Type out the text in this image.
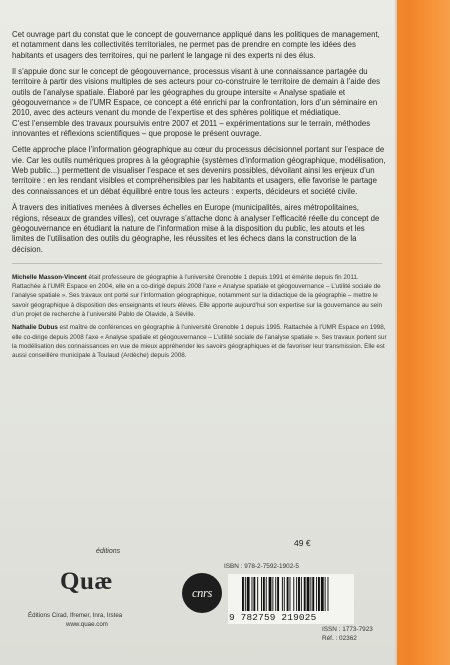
Cet ouvrage part du constat que le concept de gouvernance appliqué dans les politiques de management, et notamment dans les collectivités territoriales, ne permet pas de prendre en compte les idées des habitants et usagers des territoires, qui ne parlent le langage ni des experts ni des élus.

Il s’appuie donc sur le concept de géogouvernance, processus visant à une connaissance partagée du territoire à partir des visions multiples de ses acteurs pour co-construire le territoire de demain à l’aide des outils de l’analyse spatiale. Élaboré par les géographes du groupe intersite « Analyse spatiale et géogouvernance » de l’UMR Espace, ce concept a été enrichi par la confrontation, lors d’un séminaire en 2010, avec des acteurs venant du monde de l’expertise et des sphères politique et médiatique.

C’est l’ensemble des travaux poursuivis entre 2007 et 2011 – expérimentations sur le terrain, méthodes innovantes et réflexions scientifiques – que propose le présent ouvrage.

Cette approche place l’information géographique au cœur du processus décisionnel portant sur l’espace de vie. Car les outils numériques propres à la géographie (systèmes d’information géographique, modélisation, Web public...) permettent de visualiser l’espace et ses devenirs possibles, dévoilant ainsi les enjeux d’un territoire : en les rendant visibles et compréhensibles par les habitants et usagers, elle favorise le partage des connaissances et un débat équilibré entre tous les acteurs : experts, décideurs et société civile.

À travers des initiatives menées à diverses échelles en Europe (municipalités, aires métropolitaines, régions, réseaux de grandes villes), cet ouvrage s’attache donc à analyser l’efficacité réelle du concept de géogouvernance en étudiant la nature de l’information mise à la disposition du public, les atouts et les limites de l’utilisation des outils du géographe, les réussites et les échecs dans la construction de la décision.

Michelle Masson-Vincent était professeure de géographie à l’université Grenoble 1 depuis 1991 et émérite depuis fin 2011. Rattachée à l’UMR Espace en 2004, elle en a co-dirigé depuis 2008 l’axe « Analyse spatiale et géogouvernance – L’utilité sociale de l’analyse spatiale ». Ses travaux ont porté sur l’information géographique, notamment sur la didactique de la géographie – mettre le savoir géographique à disposition des enseignants et leurs élèves. Elle apporte aujourd’hui son expertise sur la gouvernance au sein d’un projet de recherche à l’université Pablo de Olavide, à Séville.

Nathalie Dubus est maître de conférences en géographie à l’université Grenoble 1 depuis 1995. Rattachée à l’UMR Espace en 1998, elle co-dirige depuis 2008 l’axe « Analyse spatiale et géogouvernance – L’utilité sociale de l’analyse spatiale ». Ses travaux portent sur la modélisation des connaissances en vue de mieux appréhender les savoirs géographiques et de favoriser leur transmission. Elle est aussi conseillère municipale à Toulaud (Ardèche) depuis 2008.

49 €
ISBN : 978-2-7592-1902-5
éditions
Quæ
Éditions Cirad, Ifremer, Inra, Irstea
www.quae.com
cnrs
9 782759 219025
ISSN : 1773-7923
Réf. : 02362
